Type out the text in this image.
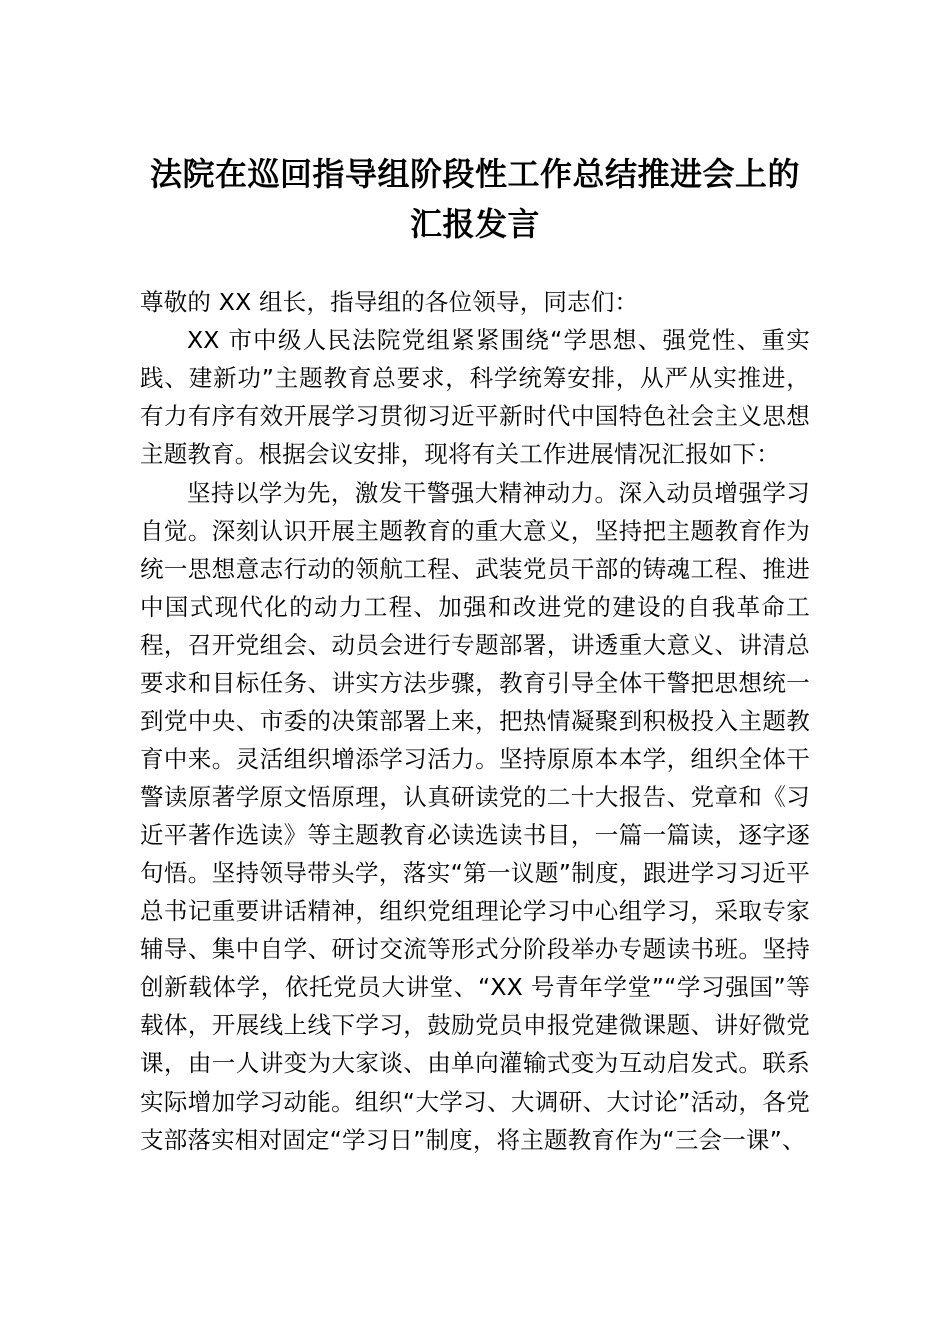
法院在巡回指导组阶段性工作总结推进会上的汇报发言

尊敬的 XX 组长，指导组的各位领导，同志们：

XX 市中级人民法院党组紧紧围绕“学思想、强党性、重实践、建新功”主题教育总要求，科学统筹安排，从严从实推进，有力有序有效开展学习贯彻习近平新时代中国特色社会主义思想主题教育。根据会议安排，现将有关工作进展情况汇报如下：

坚持以学为先，激发干警强大精神动力。深入动员增强学习自觉。深刻认识开展主题教育的重大意义，坚持把主题教育作为统一思想意志行动的领航工程、武装党员干部的铸魂工程、推进中国式现代化的动力工程、加强和改进党的建设的自我革命工程，召开党组会、动员会进行专题部署，讲透重大意义、讲清总要求和目标任务、讲实方法步骤，教育引导全体干警把思想统一到党中央、市委的决策部署上来，把热情凝聚到积极投入主题教育中来。灵活组织增添学习活力。坚持原原本本学，组织全体干警读原著学原文悟原理，认真研读党的二十大报告、党章和《习近平著作选读》等主题教育必读选读书目，一篇一篇读，逐字逐句悟。坚持领导带头学，落实“第一议题”制度，跟进学习习近平总书记重要讲话精神，组织党组理论学习中心组学习，采取专家辅导、集中自学、研讨交流等形式分阶段举办专题读书班。坚持创新载体学，依托党员大讲堂、“XX 号青年学堂”“学习强国”等载体，开展线上线下学习，鼓励党员申报党建微课题、讲好微党课，由一人讲变为大家谈、由单向灌输式变为互动启发式。联系实际增加学习动能。组织“大学习、大调研、大讨论”活动，各党支部落实相对固定“学习日”制度，将主题教育作为“三会一课”、
